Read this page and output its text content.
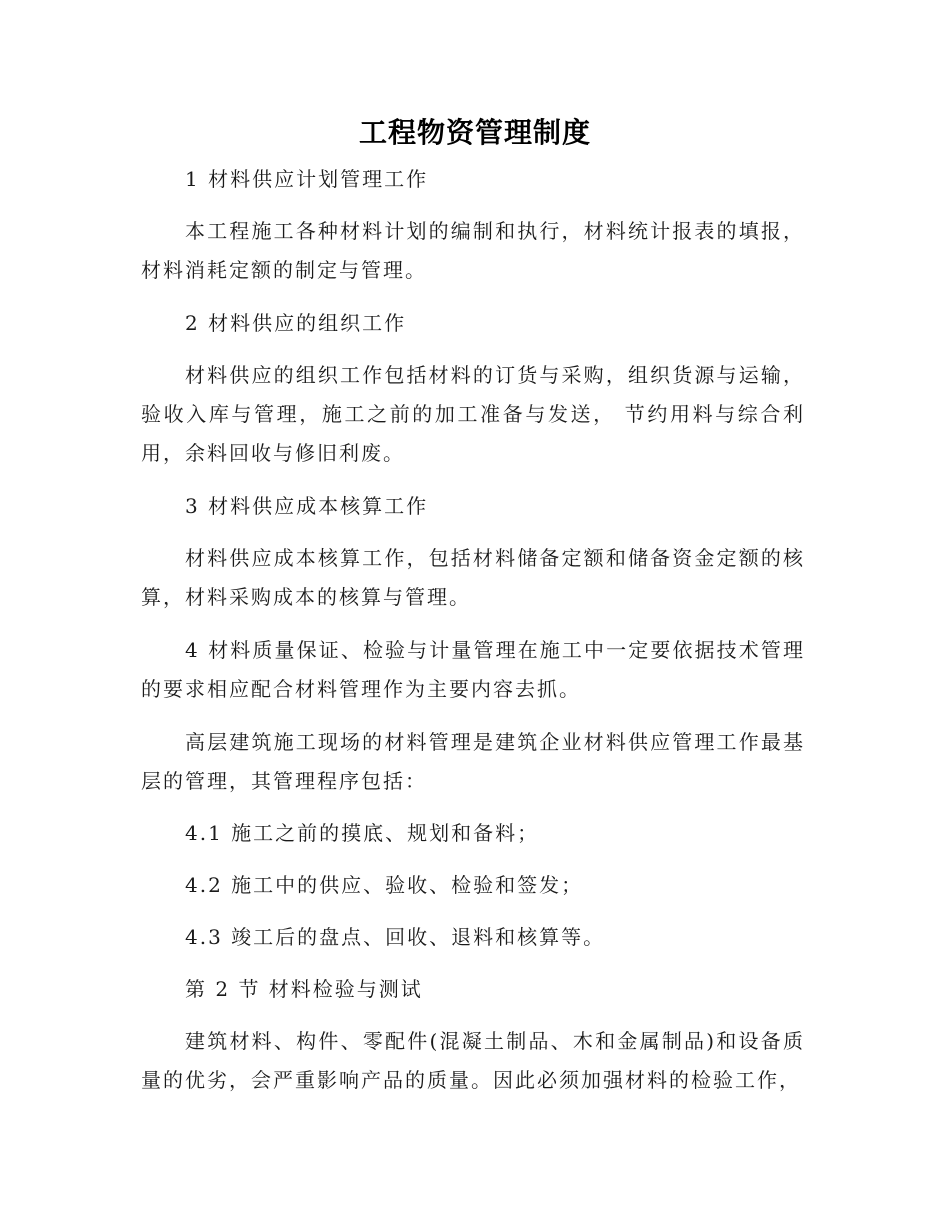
工程物资管理制度

1 材料供应计划管理工作

本工程施工各种材料计划的编制和执行，材料统计报表的填报，材料消耗定额的制定与管理。

2 材料供应的组织工作

材料供应的组织工作包括材料的订货与采购，组织货源与运输，验收入库与管理，施工之前的加工准备与发送， 节约用料与综合利用，余料回收与修旧利废。

3 材料供应成本核算工作

材料供应成本核算工作，包括材料储备定额和储备资金定额的核算，材料采购成本的核算与管理。

4 材料质量保证、检验与计量管理在施工中一定要依据技术管理的要求相应配合材料管理作为主要内容去抓。

高层建筑施工现场的材料管理是建筑企业材料供应管理工作最基层的管理，其管理程序包括：

4.1 施工之前的摸底、规划和备料；

4.2 施工中的供应、验收、检验和签发；

4.3 竣工后的盘点、回收、退料和核算等。

第 2 节 材料检验与测试

建筑材料、构件、零配件(混凝土制品、木和金属制品)和设备质量的优劣，会严重影响产品的质量。因此必须加强材料的检验工作，
